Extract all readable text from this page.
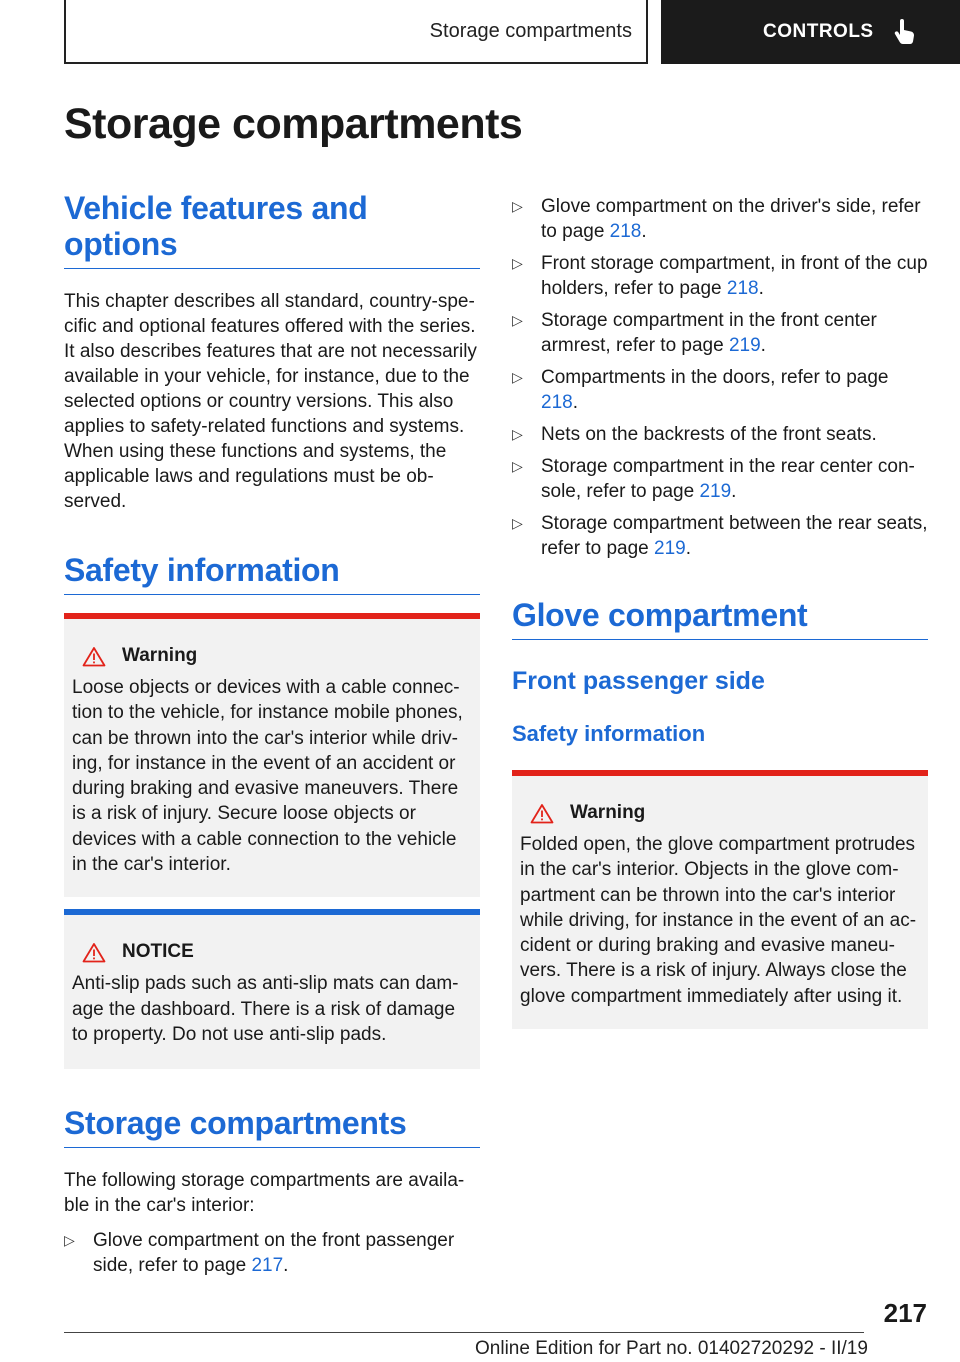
Storage compartments	CONTROLS
Storage compartments
Vehicle features and options

This chapter describes all standard, country-spe-cific and optional features offered with the series. It also describes features that are not necessarily available in your vehicle, for instance, due to the selected options or country versions. This also applies to safety-related functions and systems. When using these functions and systems, the applicable laws and regulations must be ob-served.

Safety information
Warning

Loose objects or devices with a cable connec-tion to the vehicle, for instance mobile phones, can be thrown into the car's interior while driv-ing, for instance in the event of an accident or during braking and evasive maneuvers. There is a risk of injury. Secure loose objects or devices with a cable connection to the vehicle in the car's interior.

NOTICE

Anti-slip pads such as anti-slip mats can dam-age the dashboard. There is a risk of damage to property. Do not use anti-slip pads.

Storage compartments

The following storage compartments are availa-ble in the car's interior:

▷ Glove compartment on the front passenger side, refer to page 217.
▷ Glove compartment on the driver's side, refer to page 218.
▷ Front storage compartment, in front of the cup holders, refer to page 218.
▷ Storage compartment in the front center armrest, refer to page 219.
▷ Compartments in the doors, refer to page 218.
▷ Nets on the backrests of the front seats.
▷ Storage compartment in the rear center con-sole, refer to page 219.
▷ Storage compartment between the rear seats, refer to page 219.
Glove compartment
Front passenger side
Safety information
Warning

Folded open, the glove compartment protrudes in the car's interior. Objects in the glove com-partment can be thrown into the car's interior while driving, for instance in the event of an ac-cident or during braking and evasive maneu-vers. There is a risk of injury. Always close the glove compartment immediately after using it.

217
Online Edition for Part no. 01402720292 - II/19
